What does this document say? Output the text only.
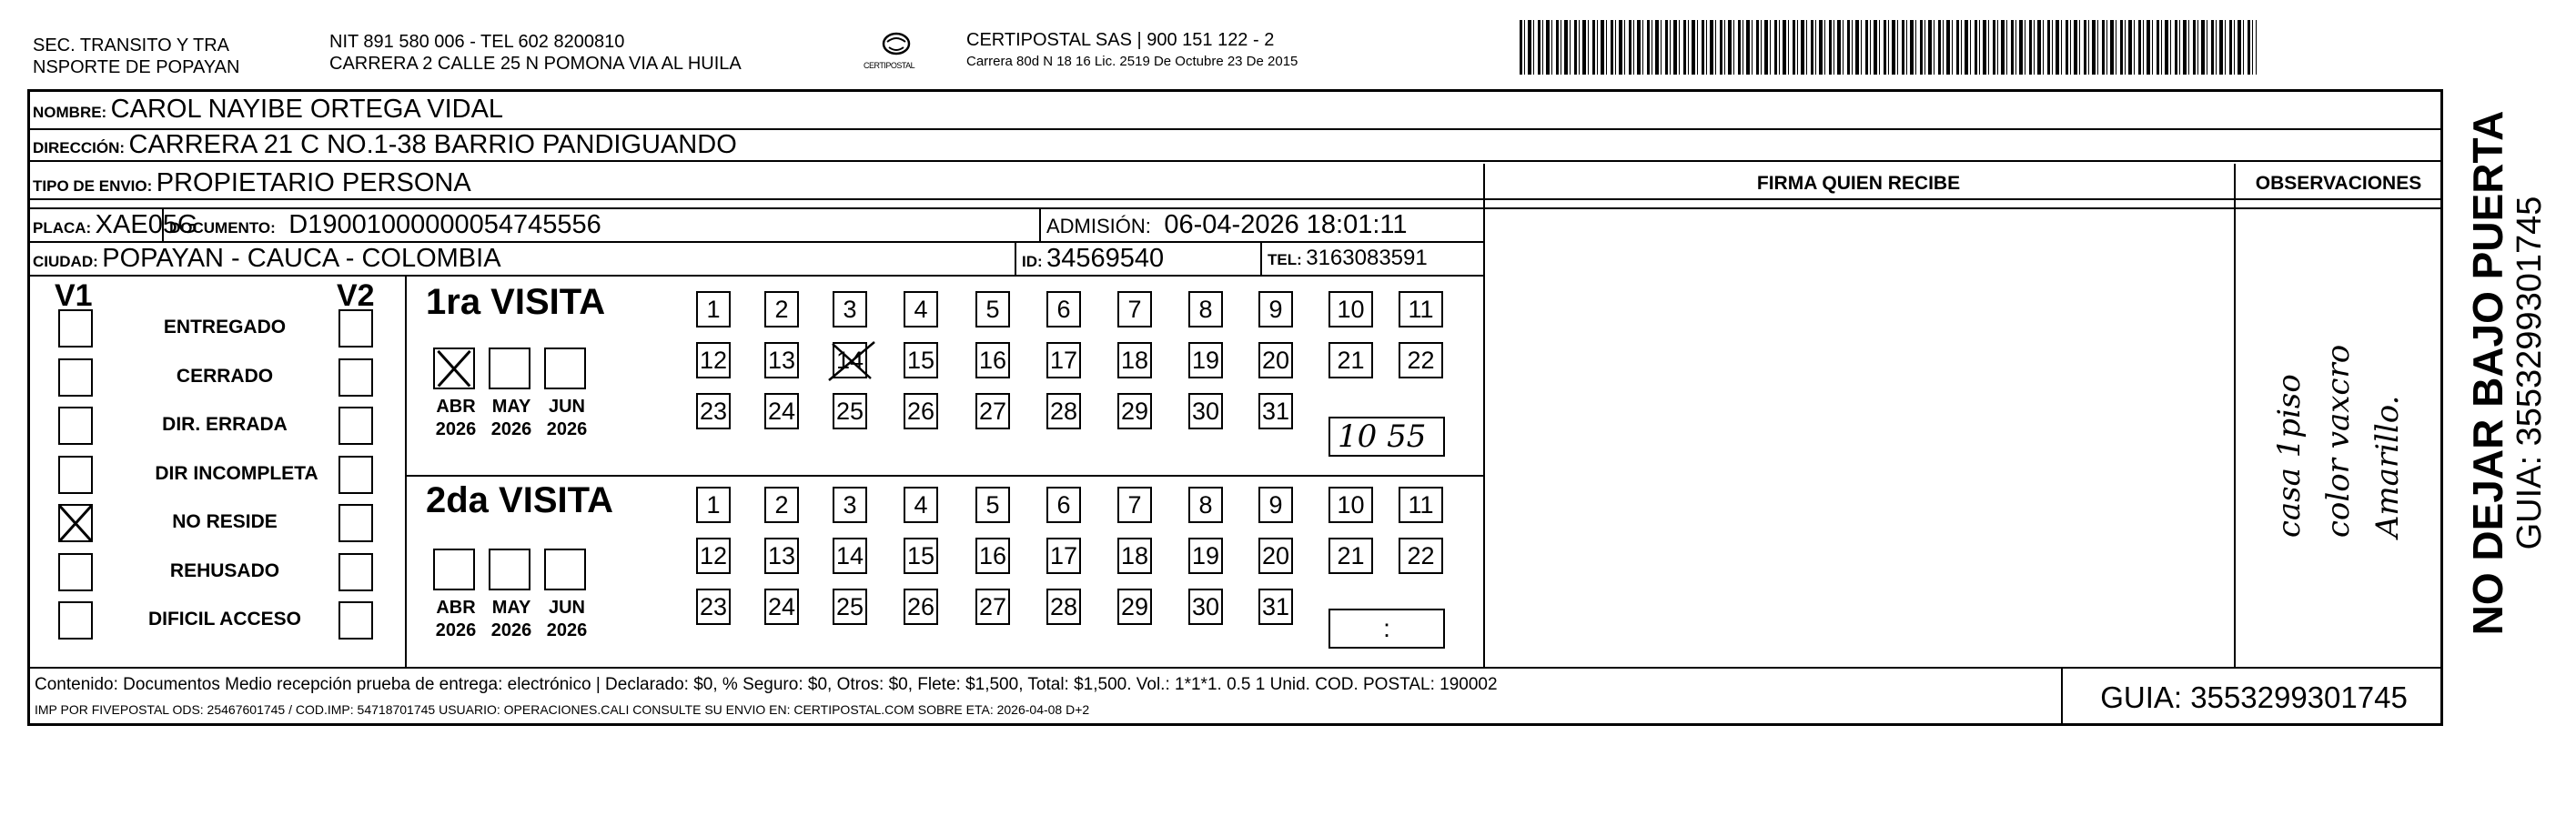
SEC. TRANSITO Y TRA
NSPORTE DE POPAYAN
NIT 891 580 006 - TEL 602 8200810
CARRERA 2 CALLE 25 N POMONA VIA AL HUILA	CERTIPOSTAL
CERTIPOSTAL SAS | 900 151 122 - 2
Carrera 80d N 18 16 Lic. 2519 De Octubre 23 De 2015
NOMBRE: CAROL NAYIBE ORTEGA VIDAL
DIRECCIÓN: CARRERA 21 C NO.1-38 BARRIO PANDIGUANDO
TIPO DE ENVIO: PROPIETARIO PERSONA	FIRMA QUIEN RECIBE	OBSERVACIONES
PLACA: XAE05G
DOCUMENTO: D19001000000054745556	ADMISIÓN: 06-04-2026 18:01:11
CIUDAD: POPAYAN - CAUCA - COLOMBIA	ID: 34569540	TEL: 3163083591
V1	V2
ENTREGADO
CERRADO
DIR. ERRADA
DIR INCOMPLETA
NO RESIDE
REHUSADO
DIFICIL ACCESO
1ra VISITA
2da VISITA
ABR
2026
MAY
2026
JUN
2026
ABR
2026
MAY
2026
JUN
2026
1	2	3	4	5	6	7	8	9	10	11
12 13 14 15 16 17 18 19 20	21	22
23 24 25 26 27 28 29 30 31
1	2	3	4	5	6	7	8	9	10	11
12 13 14 15 16 17 18 19 20	21	22
23 24 25 26 27 28 29 30 31
10 55
:
casa 1piso color vaxcro Amarillo.
Contenido: Documentos Medio recepción prueba de entrega: electrónico | Declarado: $0, % Seguro: $0, Otros: $0, Flete: $1,500, Total: $1,500. Vol.: 1*1*1. 0.5 1 Unid. COD. POSTAL: 190002
IMP POR FIVEPOSTAL ODS: 25467601745 / COD.IMP: 54718701745 USUARIO: OPERACIONES.CALI CONSULTE SU ENVIO EN: CERTIPOSTAL.COM SOBRE ETA: 2026-04-08 D+2	GUIA: 3553299301745
NO DEJAR BAJO PUERTA GUIA: 3553299301745
